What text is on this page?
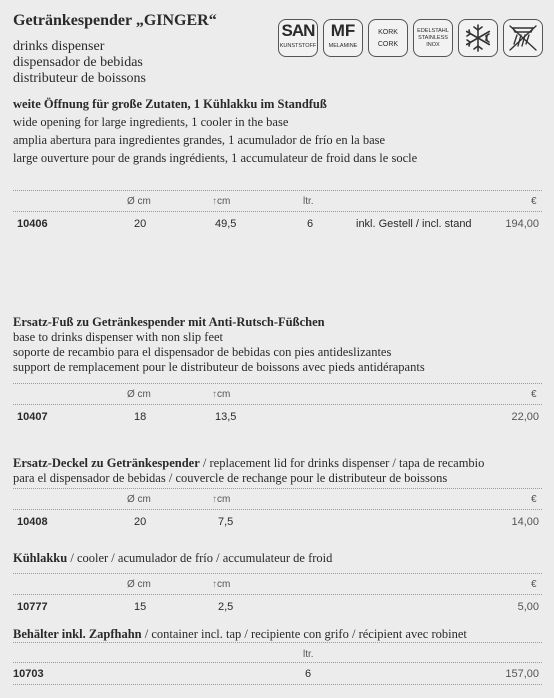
Getränkespender „GINGER“
drinks dispenser
dispensador de bebidas
distributeur de boissons
SAN
KUNSTSTOFF
MF
MELAMINE
KORK
CORK
EDELSTAHL
STAINLESS
INOX
weite Öffnung für große Zutaten, 1 Kühlakku im Standfuß
wide opening for large ingredients, 1 cooler in the base
amplia abertura para ingredientes grandes, 1 acumulador de frío en la base
large ouverture pour de grands ingrédients, 1 accumulateur de froid dans le socle
Ø cm	↑cm	ltr.	€
10406	20	49,5	6	inkl. Gestell / incl. stand	194,00
Ersatz-Fuß zu Getränkespender mit Anti-Rutsch-Füßchen
base to drinks dispenser with non slip feet
soporte de recambio para el dispensador de bebidas con pies antideslizantes
support de remplacement pour le distributeur de boissons avec pieds antidérapants
Ø cm	↑cm	€
10407	18	13,5	22,00
Ersatz-Deckel zu Getränkespender / replacement lid for drinks dispenser / tapa de recambio
para el dispensador de bebidas / couvercle de rechange pour le distributeur de boissons
Ø cm	↑cm	€
10408	20	7,5	14,00
Kühlakku / cooler / acumulador de frío / accumulateur de froid
Ø cm	↑cm	€
10777	15	2,5	5,00
Behälter inkl. Zapfhahn / container incl. tap / recipiente con grifo / récipient avec robinet
ltr.
10703	6	157,00
